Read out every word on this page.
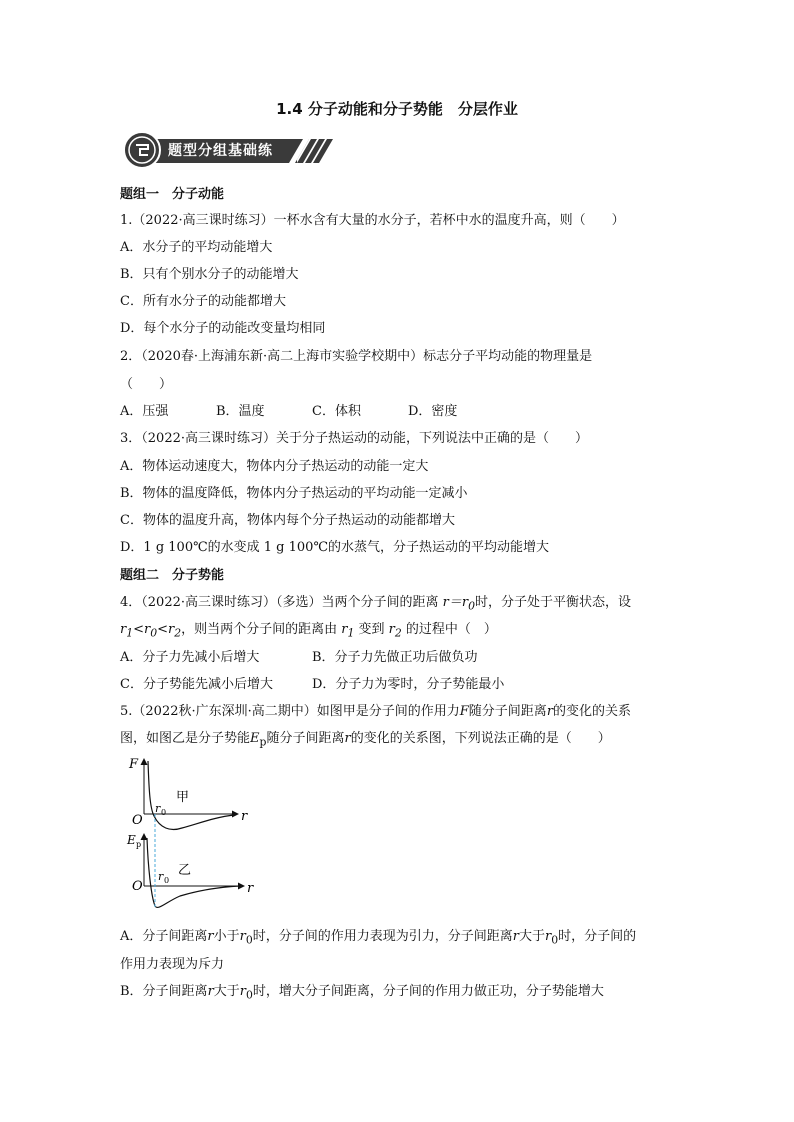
1.4 分子动能和分子势能　分层作业
题型分组基础练
题组一　分子动能
1.（2022·高三课时练习）一杯水含有大量的水分子，若杯中水的温度升高，则（　　）
A．水分子的平均动能增大
B．只有个别水分子的动能增大
C．所有水分子的动能都增大
D．每个水分子的动能改变量均相同
2．（2020春·上海浦东新·高二上海市实验学校期中）标志分子平均动能的物理量是
（　　）
A．压强	B．温度	C．体积	D．密度
3．（2022·高三课时练习）关于分子热运动的动能，下列说法中正确的是（　　）
A．物体运动速度大，物体内分子热运动的动能一定大
B．物体的温度降低，物体内分子热运动的平均动能一定减小
C．物体的温度升高，物体内每个分子热运动的动能都增大
D．1 g 100℃的水变成 1 g 100℃的水蒸气，分子热运动的平均动能增大
题组二　分子势能
4．（2022·高三课时练习）（多选）当两个分子间的距离 $r=r_0$时，分子处于平衡状态，设
$r_1<r_0<r_2$，则当两个分子间的距离由 $r_1$ 变到 $r_2$ 的过程中（　）
A．分子力先减小后增大	B．分子力先做正功后做负功
C．分子势能先减小后增大	D．分子力为零时，分子势能最小
5.（2022秋·广东深圳·高二期中）如图甲是分子间的作用力F随分子间距离r的变化的关系
图，如图乙是分子势能$E_p$随分子间距离r的变化的关系图，下列说法正确的是（　　）
F
O
r 0
甲
r
E p
O
r 0
乙
r
A．分子间距离r小于$r_0$时，分子间的作用力表现为引力，分子间距离r大于$r_0$时，分子间的
作用力表现为斥力
B．分子间距离r大于$r_0$时，增大分子间距离，分子间的作用力做正功，分子势能增大
